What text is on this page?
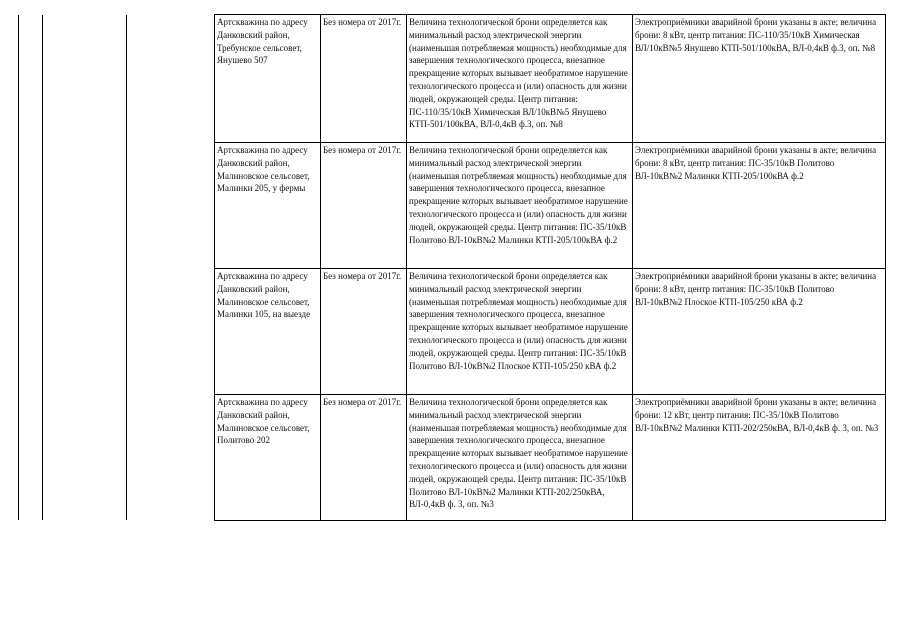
Артскважина по адресу Данковский район, Требунское сельсовет, Янушево 507	Без номера от 2017г.	Величина технологической брони определяется как минимальный расход электрической энергии (наименьшая потребляемая мощность) необходимые для завершения технологического процесса, внезапное прекращение которых вызывает необратимое нарушение технологического процесса и (или) опасность для жизни людей, окружающей среды. Центр питания: ПС-110/35/10кВ Химическая ВЛ/10кВ№5 Янушево КТП-501/100кВА, ВЛ-0,4кВ ф.3, оп. №8	Электроприёмники аварийной брони указаны в акте; величина брони: 8 кВт, центр питания: ПС-110/35/10кВ Химическая ВЛ/10кВ№5 Янушево КТП-501/100кВА, ВЛ-0,4кВ ф.3, оп. №8
Артскважина по адресу Данковский район, Малиновское сельсовет, Малинки 205, у фермы	Без номера от 2017г.	Величина технологической брони определяется как минимальный расход электрической энергии (наименьшая потребляемая мощность) необходимые для завершения технологического процесса, внезапное прекращение которых вызывает необратимое нарушение технологического процесса и (или) опасность для жизни людей, окружающей среды. Центр питания: ПС-35/10кВ Политово ВЛ-10кВ№2 Малинки КТП-205/100кВА ф.2	Электроприёмники аварийной брони указаны в акте; величина брони: 8 кВт, центр питания: ПС-35/10кВ Политово ВЛ-10кВ№2 Малинки КТП-205/100кВА ф.2
Артскважина по адресу Данковский район, Малиновское сельсовет, Малинки 105, на выезде	Без номера от 2017г.	Величина технологической брони определяется как минимальный расход электрической энергии (наименьшая потребляемая мощность) необходимые для завершения технологического процесса, внезапное прекращение которых вызывает необратимое нарушение технологического процесса и (или) опасность для жизни людей, окружающей среды. Центр питания: ПС-35/10кВ Политово ВЛ-10кВ№2 Плоское КТП-105/250 кВА ф.2	Электроприёмники аварийной брони указаны в акте; величина брони: 8 кВт, центр питания: ПС-35/10кВ Политово ВЛ-10кВ№2 Плоское КТП-105/250 кВА ф.2
Артскважина по адресу Данковский район, Малиновское сельсовет, Политово 202	Без номера от 2017г.	Величина технологической брони определяется как минимальный расход электрической энергии (наименьшая потребляемая мощность) необходимые для завершения технологического процесса, внезапное прекращение которых вызывает необратимое нарушение технологического процесса и (или) опасность для жизни людей, окружающей среды. Центр питания: ПС-35/10кВ Политово ВЛ-10кВ№2 Малинки КТП-202/250кВА, ВЛ-0,4кВ ф. 3, оп. №3	Электроприёмники аварийной брони указаны в акте; величина брони: 12 кВт, центр питания: ПС-35/10кВ Политово ВЛ-10кВ№2 Малинки КТП-202/250кВА, ВЛ-0,4кВ ф. 3, оп. №3
